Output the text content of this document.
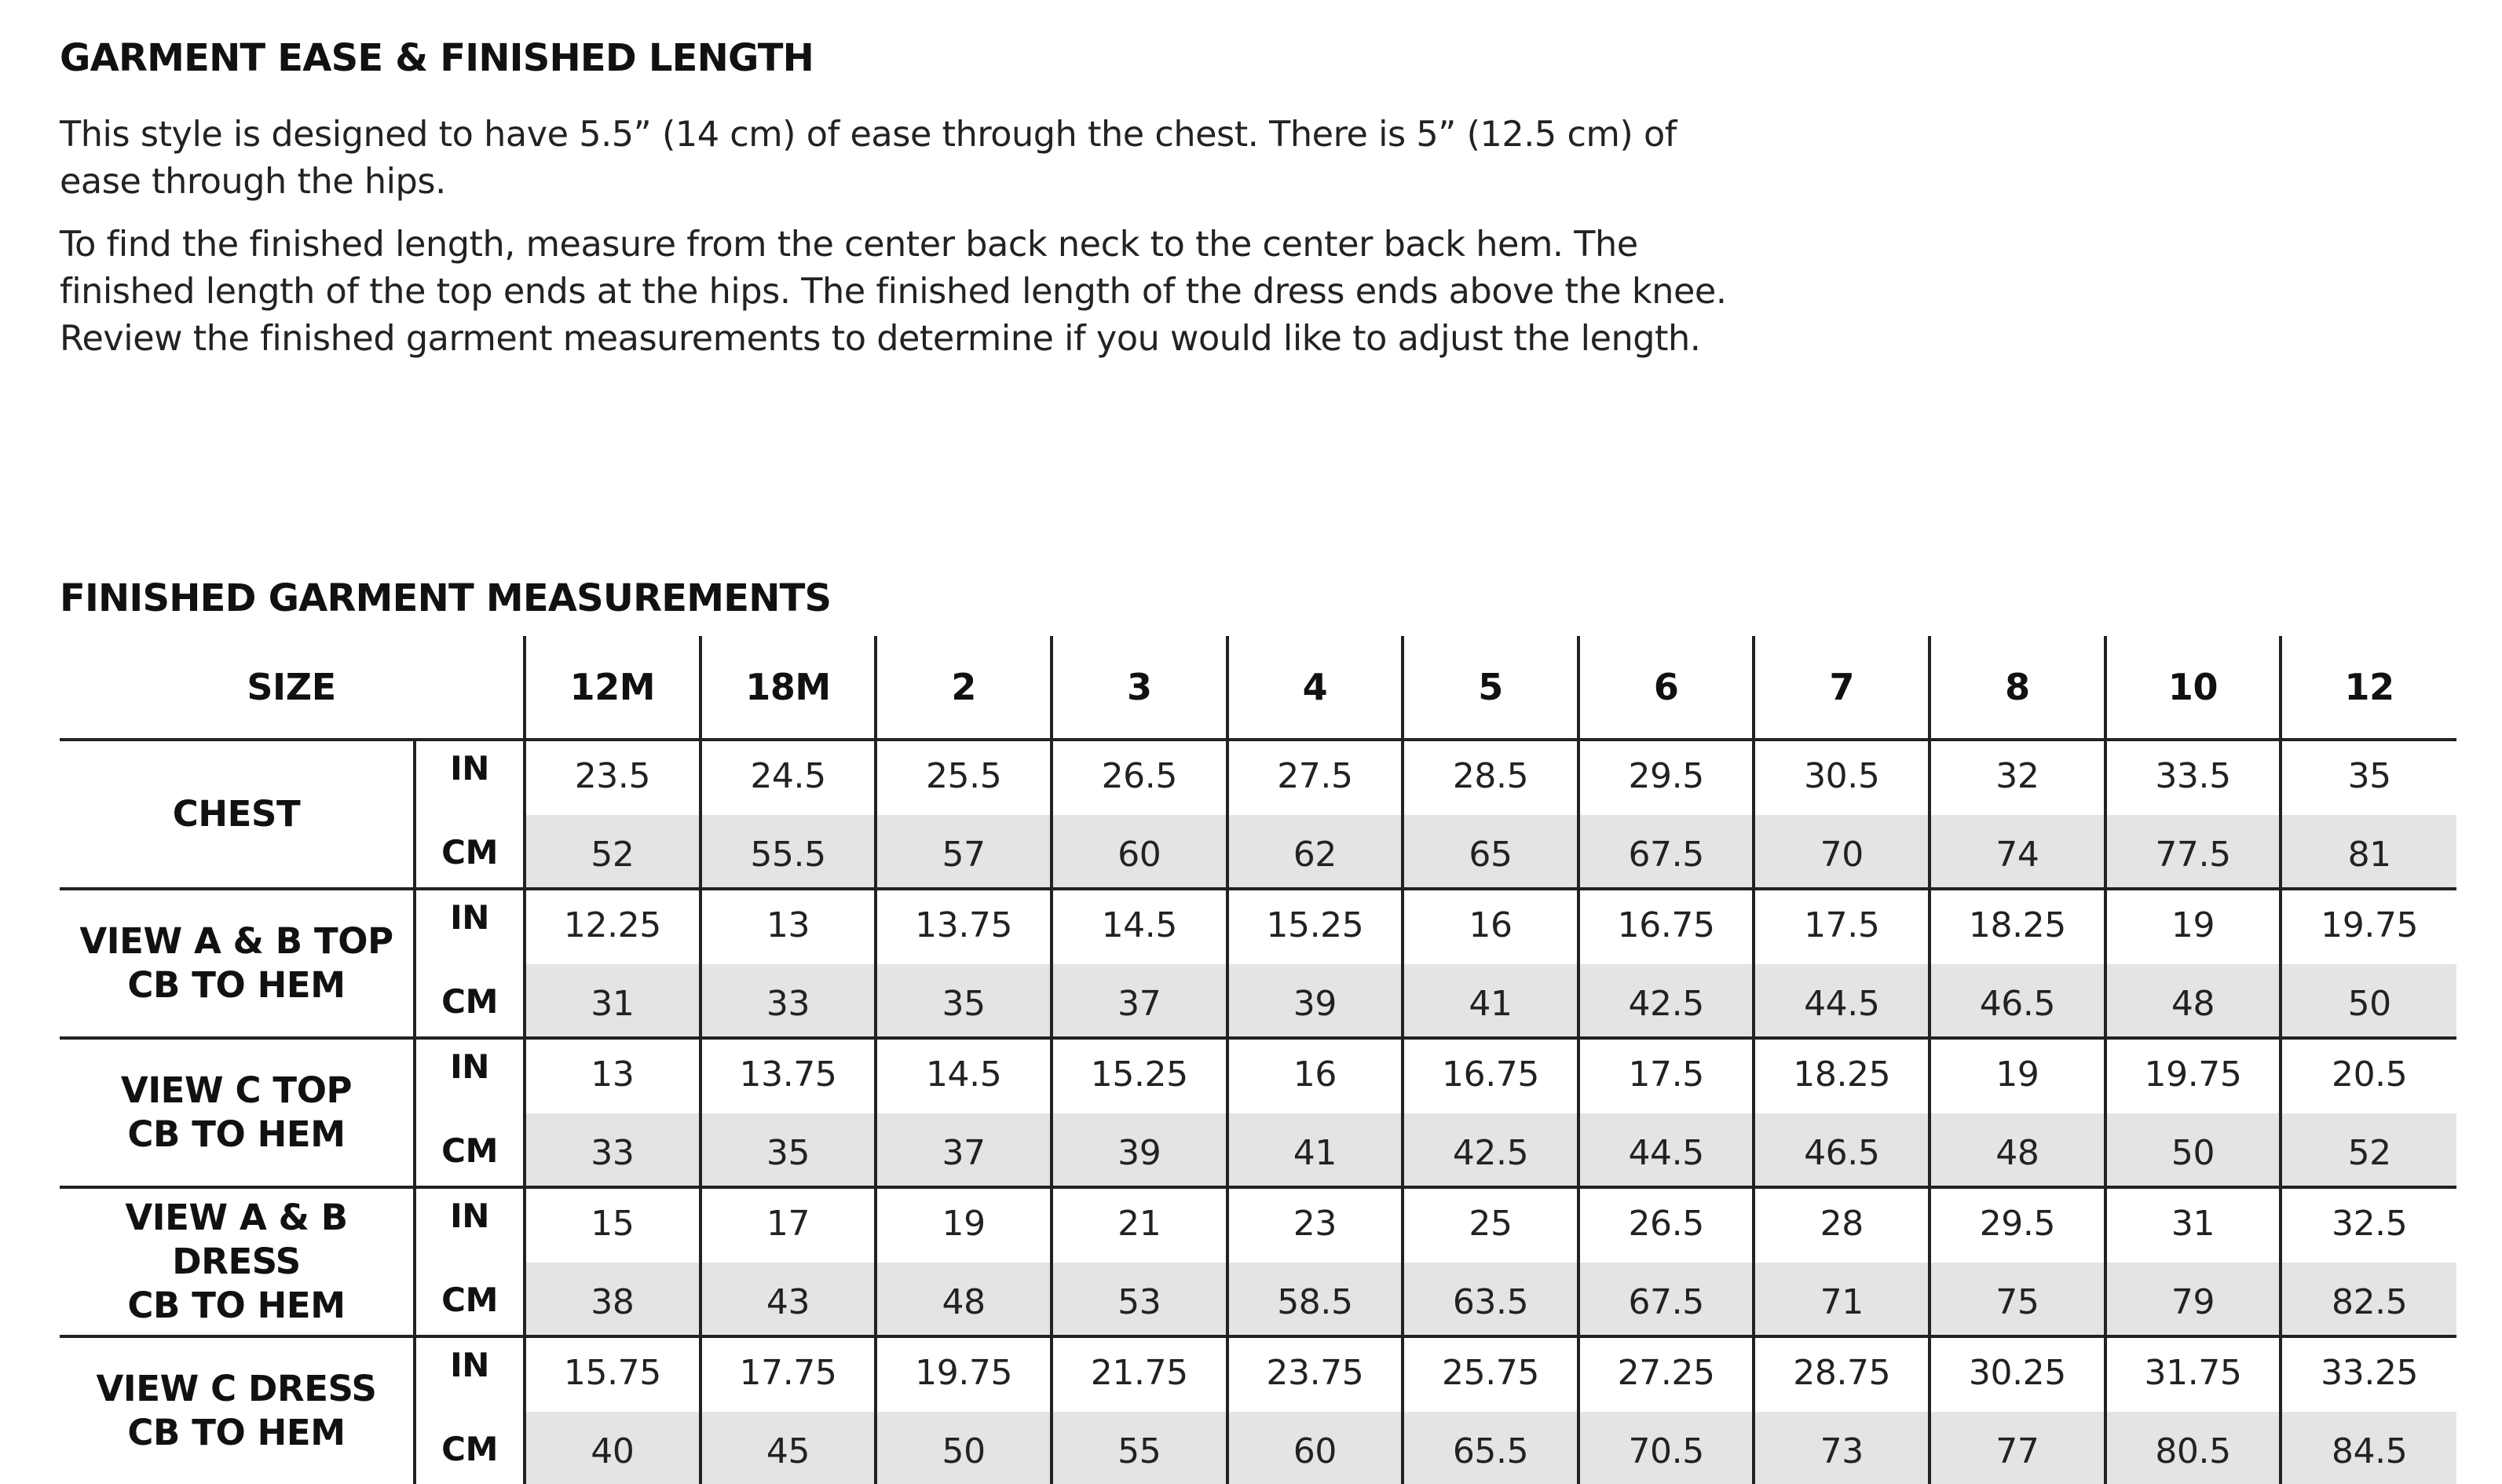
GARMENT EASE & FINISHED LENGTH

This style is designed to have 5.5” (14 cm) of ease through the chest. There is 5” (12.5 cm) of
ease through the hips.

To find the finished length, measure from the center back neck to the center back hem. The
finished length of the top ends at the hips. The finished length of the dress ends above the knee.
Review the finished garment measurements to determine if you would like to adjust the length.

FINISHED GARMENT MEASUREMENTS
SIZE		12M	18M	2	3	4	5	6	7	8	10	12
CHEST	IN	23.5	24.5	25.5	26.5	27.5	28.5	29.5	30.5	32	33.5	35
	CM	52	55.5	57	60	62	65	67.5	70	74	77.5	81
VIEW A & B TOP
CB TO HEM	IN	12.25	13	13.75	14.5	15.25	16	16.75	17.5	18.25	19	19.75
	CM	31	33	35	37	39	41	42.5	44.5	46.5	48	50
VIEW C TOP
CB TO HEM	IN	13	13.75	14.5	15.25	16	16.75	17.5	18.25	19	19.75	20.5
	CM	33	35	37	39	41	42.5	44.5	46.5	48	50	52
VIEW A & B DRESS
CB TO HEM	IN	15	17	19	21	23	25	26.5	28	29.5	31	32.5
	CM	38	43	48	53	58.5	63.5	67.5	71	75	79	82.5
VIEW C DRESS
CB TO HEM	IN	15.75	17.75	19.75	21.75	23.75	25.75	27.25	28.75	30.25	31.75	33.25
	CM	40	45	50	55	60	65.5	70.5	73	77	80.5	84.5
